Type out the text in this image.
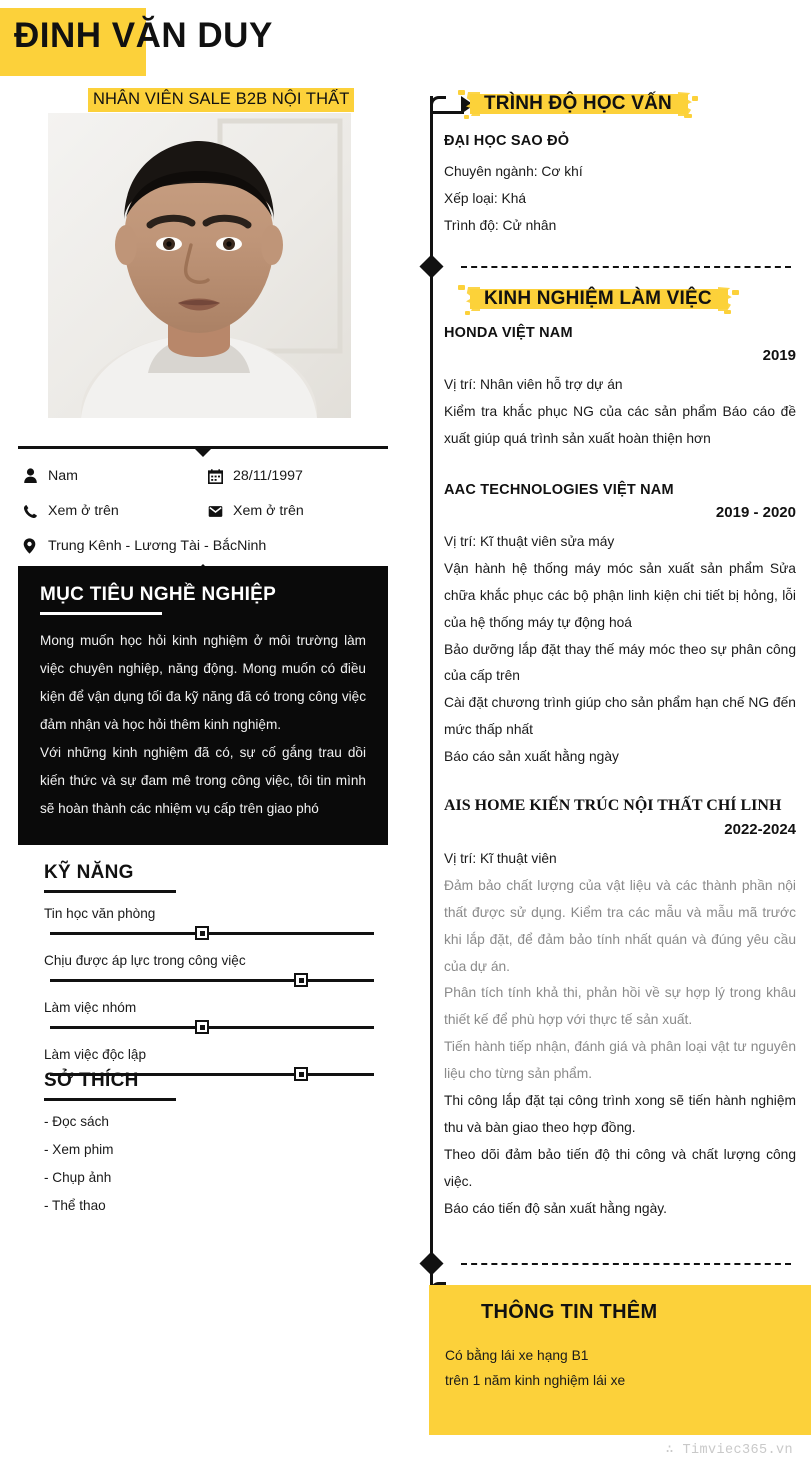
ĐINH VĂN DUY
NHÂN VIÊN SALE B2B NỘI THẤT
Nam	28/11/1997
Xem ở trên	Xem ở trên
Trung Kênh - Lương Tài - BắcNinh
MỤC TIÊU NGHỀ NGHIỆP
Mong muốn học hỏi kinh nghiệm ở môi trường làm việc chuyên nghiệp, năng động. Mong muốn có điều kiện để vận dụng tối đa kỹ năng đã có trong công việc đảm nhận và học hỏi thêm kinh nghiệm.
Với những kinh nghiệm đã có, sự cố gắng trau dồi kiến thức và sự đam mê trong công việc, tôi tin mình sẽ hoàn thành các nhiệm vụ cấp trên giao phó
KỸ NĂNG
Tin học văn phòng
Chịu được áp lực trong công việc
Làm việc nhóm
Làm việc độc lập
SỞ THÍCH
- Đọc sách
- Xem phim
- Chụp ảnh
- Thể thao
TRÌNH ĐỘ HỌC VẤN
ĐẠI HỌC SAO ĐỎ
Chuyên ngành: Cơ khí
Xếp loại: Khá
Trình độ: Cử nhân
KINH NGHIỆM LÀM VIỆC
HONDA VIỆT NAM
2019
Vị trí: Nhân viên hỗ trợ dự án
Kiểm tra khắc phục NG của các sản phẩm Báo cáo đề xuất giúp quá trình sản xuất hoàn thiện hơn
AAC TECHNOLOGIES VIỆT NAM
2019 - 2020
Vị trí: Kĩ thuật viên sửa máy
Vận hành hệ thống máy móc sản xuất sản phẩm Sửa chữa khắc phục các bộ phận linh kiện chi tiết bị hỏng, lỗi của hệ thống máy tự động hoá
Bảo dưỡng lắp đặt thay thế máy móc theo sự phân công của cấp trên
Cài đặt chương trình giúp cho sản phẩm hạn chế NG đến mức thấp nhất
Báo cáo sản xuất hằng ngày
AIS HOME KIẾN TRÚC NỘI THẤT CHÍ LINH
2022-2024
Vị trí: Kĩ thuật viên
Đảm bảo chất lượng của vật liệu và các thành phần nội thất được sử dụng. Kiểm tra các mẫu và mẫu mã trước khi lắp đặt, để đảm bảo tính nhất quán và đúng yêu cầu của dự án.
Phân tích tính khả thi, phản hồi về sự hợp lý trong khâu thiết kế để phù hợp với thực tế sản xuất.
Tiến hành tiếp nhận, đánh giá và phân loại vật tư nguyên liệu cho từng sản phẩm.
Thi công lắp đặt tại công trình xong sẽ tiến hành nghiệm thu và bàn giao theo hợp đồng.
Theo dõi đảm bảo tiến độ thi công và chất lượng công việc.
Báo cáo tiến độ sản xuất hằng ngày.
THÔNG TIN THÊM
Có bằng lái xe hạng B1
trên 1 năm kinh nghiệm lái xe
∴ Timviec365.vn
